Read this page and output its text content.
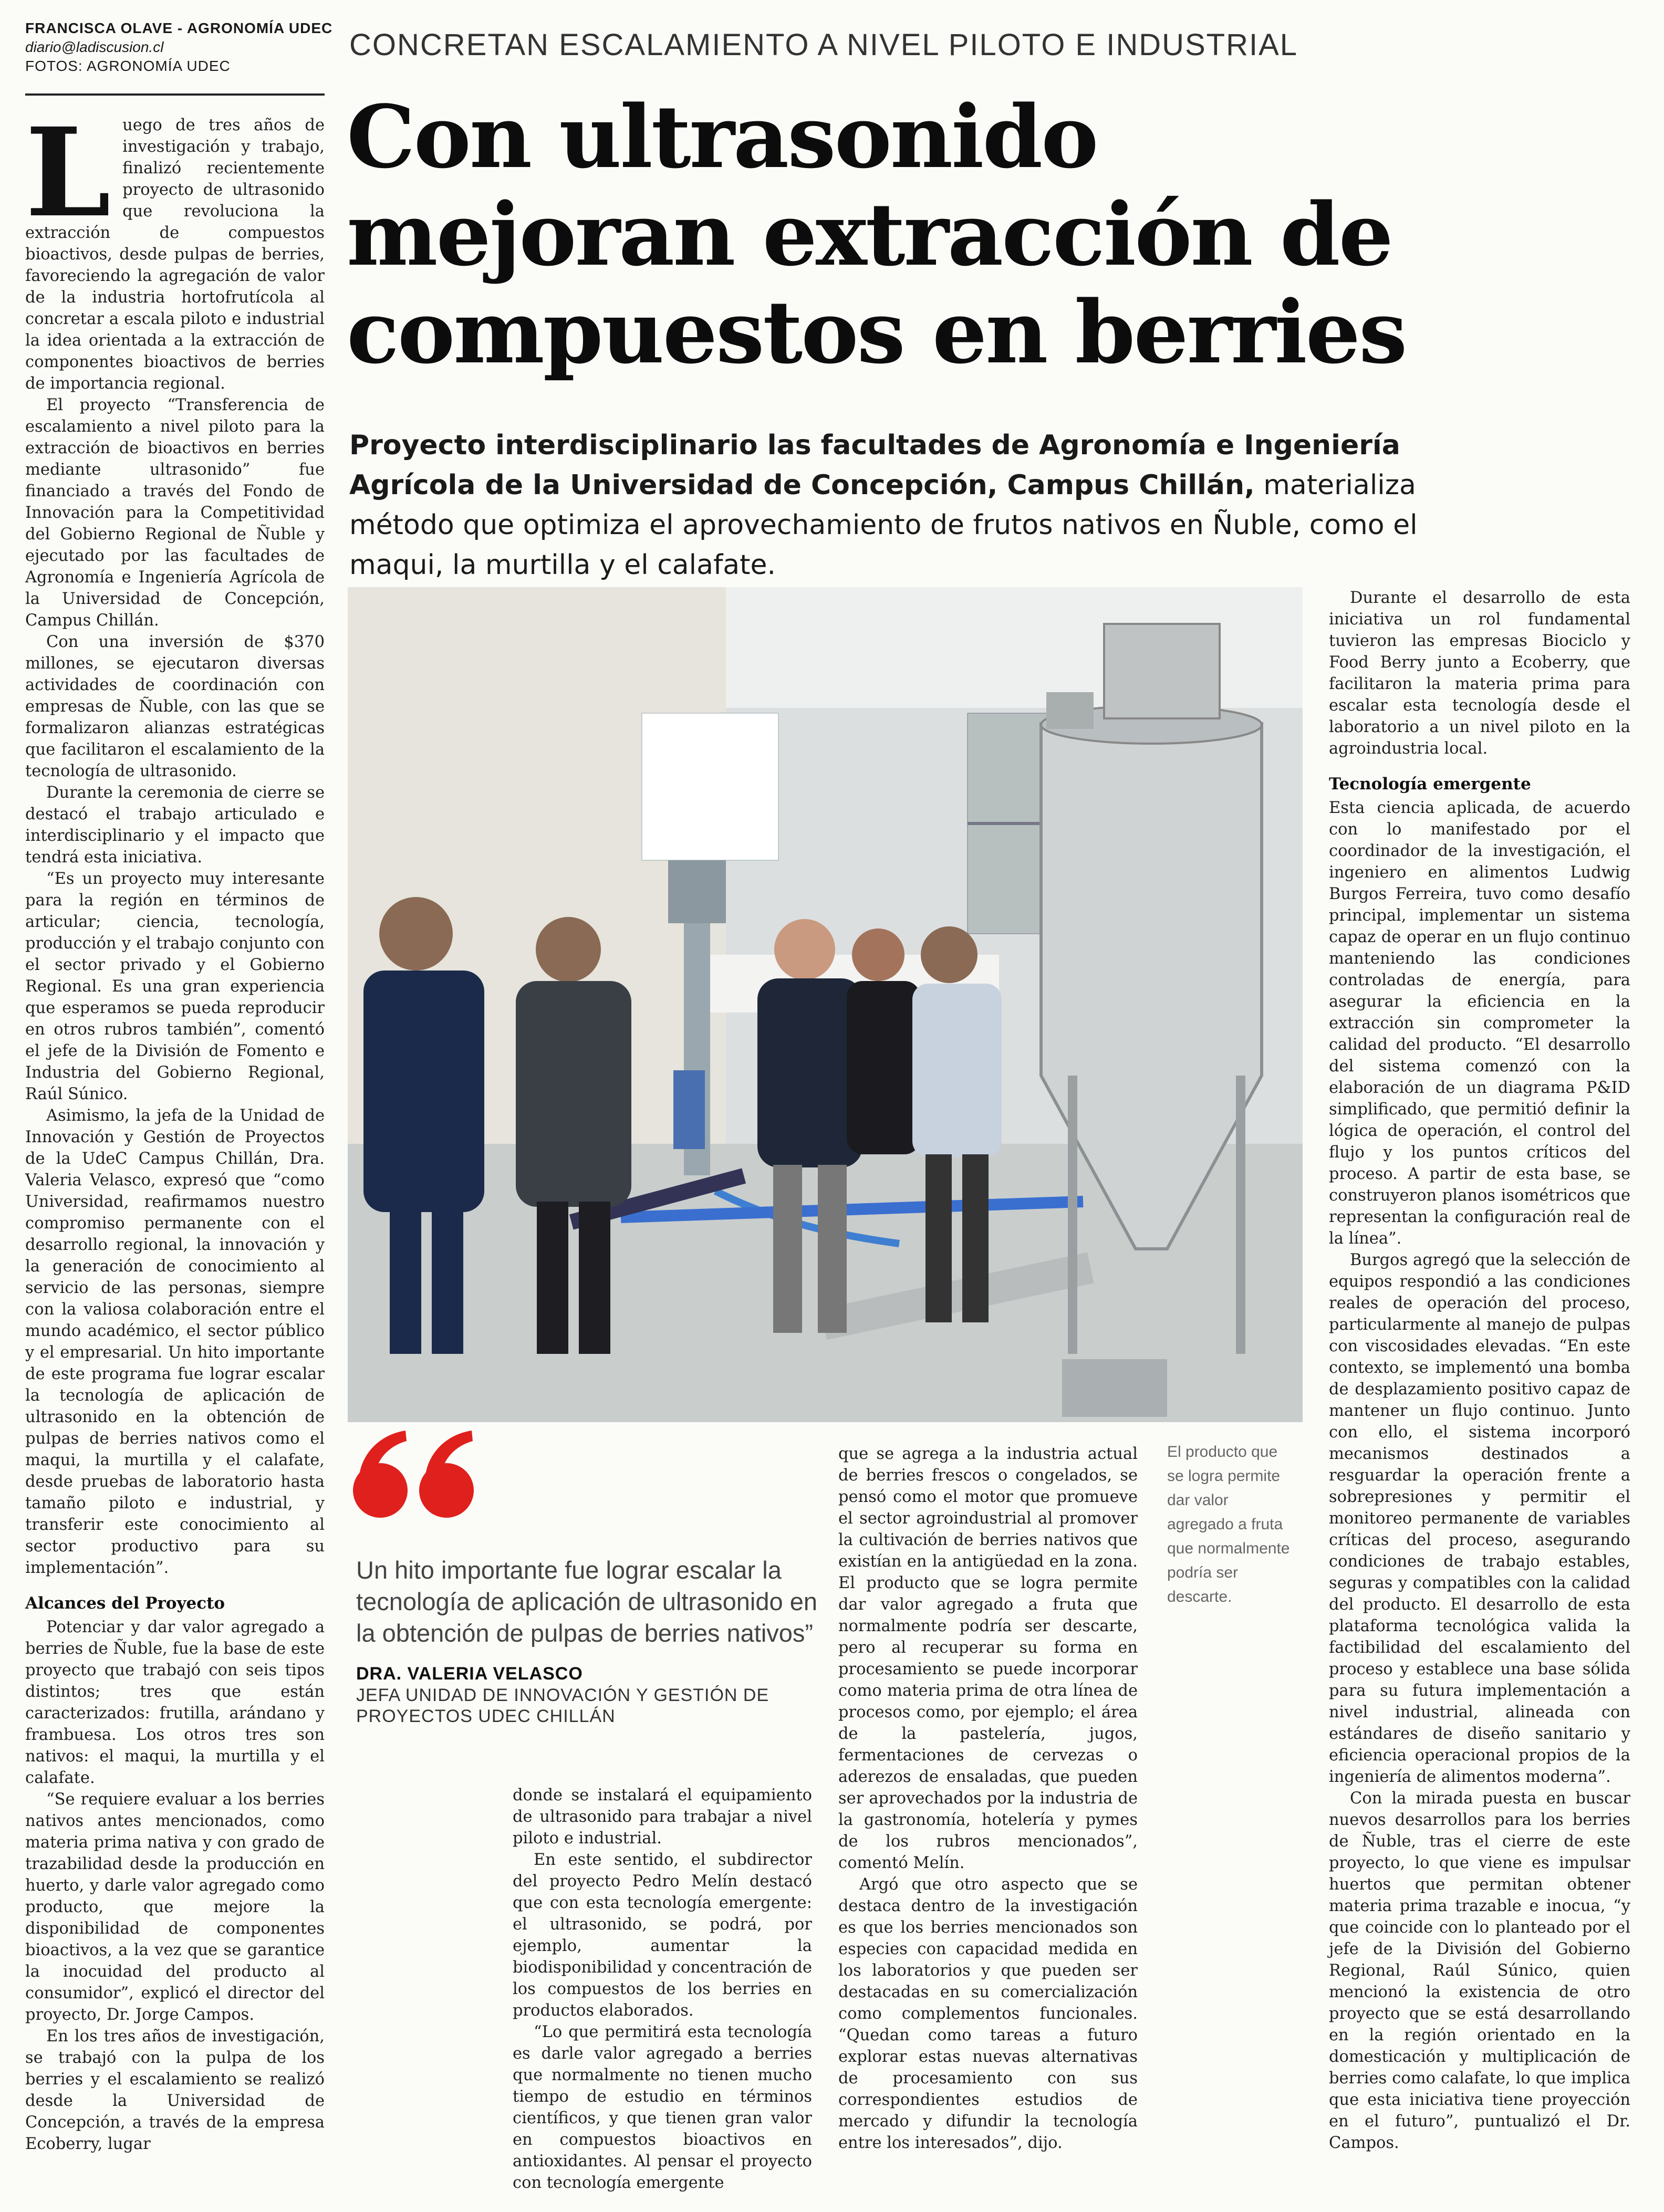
FRANCISCA OLAVE - AGRONOMÍA UDEC
diario@ladiscusion.cl
FOTOS: AGRONOMÍA UDEC
CONCRETAN ESCALAMIENTO A NIVEL PILOTO E INDUSTRIAL
Con ultrasonido
mejoran extracción de
compuestos en berries
Proyecto interdisciplinario las facultades de Agronomía e Ingeniería Agrícola de la Universidad de Concepción, Campus Chillán, materializa método que optimiza el aprovechamiento de frutos nativos en Ñuble, como el maqui, la murtilla y el calafate.
L uego de tres años de investigación y trabajo, finalizó recientemente proyecto de ultrasonido que revoluciona la extracción de compuestos bioactivos, desde pulpas de berries, favoreciendo la agregación de valor de la industria hortofrutícola al concretar a escala piloto e industrial la idea orientada a la extracción de componentes bioactivos de berries de importancia regional.

El proyecto “Transferencia de escalamiento a nivel piloto para la extracción de bioactivos en berries mediante ultrasonido” fue financiado a través del Fondo de Innovación para la Competitividad del Gobierno Regional de Ñuble y ejecutado por las facultades de Agronomía e Ingeniería Agrícola de la Universidad de Concepción, Campus Chillán.

Con una inversión de $370 millones, se ejecutaron diversas actividades de coordinación con empresas de Ñuble, con las que se formalizaron alianzas estratégicas que facilitaron el escalamiento de la tecnología de ultrasonido.

Durante la ceremonia de cierre se destacó el trabajo articulado e interdisciplinario y el impacto que tendrá esta iniciativa.

“Es un proyecto muy interesante para la región en términos de articular; ciencia, tecnología, producción y el trabajo conjunto con el sector privado y el Gobierno Regional. Es una gran experiencia que esperamos se pueda reproducir en otros rubros también”, comentó el jefe de la División de Fomento e Industria del Gobierno Regional, Raúl Súnico.

Asimismo, la jefa de la Unidad de Innovación y Gestión de Proyectos de la UdeC Campus Chillán, Dra. Valeria Velasco, expresó que “como Universidad, reafirmamos nuestro compromiso permanente con el desarrollo regional, la innovación y la generación de conocimiento al servicio de las personas, siempre con la valiosa colaboración entre el mundo académico, el sector público y el empresarial. Un hito importante de este programa fue lograr escalar la tecnología de aplicación de ultrasonido en la obtención de pulpas de berries nativos como el maqui, la murtilla y el calafate, desde pruebas de laboratorio hasta tamaño piloto e industrial, y transferir este conocimiento al sector productivo para su implementación”.

Alcances del Proyecto

Potenciar y dar valor agregado a berries de Ñuble, fue la base de este proyecto que trabajó con seis tipos distintos; tres que están caracterizados: frutilla, arándano y frambuesa. Los otros tres son nativos: el maqui, la murtilla y el calafate.

“Se requiere evaluar a los berries nativos antes mencionados, como materia prima nativa y con grado de trazabilidad desde la producción en huerto, y darle valor agregado como producto, que mejore la disponibilidad de componentes bioactivos, a la vez que se garantice la inocuidad del producto al consumidor”, explicó el director del proyecto, Dr. Jorge Campos.

En los tres años de investigación, se trabajó con la pulpa de los berries y el escalamiento se realizó desde la Universidad de Concepción, a través de la empresa Ecoberry, lugar

El producto que se logra permite dar valor agregado a fruta que normalmente podría ser descarte.
Un hito importante fue lograr escalar la tecnología de aplicación de ultrasonido en la obtención de pulpas de berries nativos”
DRA. VALERIA VELASCO
JEFA UNIDAD DE INNOVACIÓN Y GESTIÓN DE PROYECTOS UDEC CHILLÁN

donde se instalará el equipamiento de ultrasonido para trabajar a nivel piloto e industrial.

En este sentido, el subdirector del proyecto Pedro Melín destacó que con esta tecnología emergente: el ultrasonido, se podrá, por ejemplo, aumentar la biodisponibilidad y concentración de los compuestos de los berries en productos elaborados.

“Lo que permitirá esta tecnología es darle valor agregado a berries que normalmente no tienen mucho tiempo de estudio en términos científicos, y que tienen gran valor en compuestos bioactivos en antioxidantes. Al pensar el proyecto con tecnología emergente

que se agrega a la industria actual de berries frescos o congelados, se pensó como el motor que promueve el sector agroindustrial al promover la cultivación de berries nativos que existían en la antigüedad en la zona. El producto que se logra permite dar valor agregado a fruta que normalmente podría ser descarte, pero al recuperar su forma en procesamiento se puede incorporar como materia prima de otra línea de procesos como, por ejemplo; el área de la pastelería, jugos, fermentaciones de cervezas o aderezos de ensaladas, que pueden ser aprovechados por la industria de la gastronomía, hotelería y pymes de los rubros mencionados”, comentó Melín.

Argó que otro aspecto que se destaca dentro de la investigación es que los berries mencionados son especies con capacidad medida en los laboratorios y que pueden ser destacadas en su comercialización como complementos funcionales. “Quedan como tareas a futuro explorar estas nuevas alternativas de procesamiento con sus correspondientes estudios de mercado y difundir la tecnología entre los interesados”, dijo.

Durante el desarrollo de esta iniciativa un rol fundamental tuvieron las empresas Biociclo y Food Berry junto a Ecoberry, que facilitaron la materia prima para escalar esta tecnología desde el laboratorio a un nivel piloto en la agroindustria local.

Tecnología emergente

Esta ciencia aplicada, de acuerdo con lo manifestado por el coordinador de la investigación, el ingeniero en alimentos Ludwig Burgos Ferreira, tuvo como desafío principal, implementar un sistema capaz de operar en un flujo continuo manteniendo las condiciones controladas de energía, para asegurar la eficiencia en la extracción sin comprometer la calidad del producto. “El desarrollo del sistema comenzó con la elaboración de un diagrama P&ID simplificado, que permitió definir la lógica de operación, el control del flujo y los puntos críticos del proceso. A partir de esta base, se construyeron planos isométricos que representan la configuración real de la línea”.

Burgos agregó que la selección de equipos respondió a las condiciones reales de operación del proceso, particularmente al manejo de pulpas con viscosidades elevadas. “En este contexto, se implementó una bomba de desplazamiento positivo capaz de mantener un flujo continuo. Junto con ello, el sistema incorporó mecanismos destinados a resguardar la operación frente a sobrepresiones y permitir el monitoreo permanente de variables críticas del proceso, asegurando condiciones de trabajo estables, seguras y compatibles con la calidad del producto. El desarrollo de esta plataforma tecnológica valida la factibilidad del escalamiento del proceso y establece una base sólida para su futura implementación a nivel industrial, alineada con estándares de diseño sanitario y eficiencia operacional propios de la ingeniería de alimentos moderna”.

Con la mirada puesta en buscar nuevos desarrollos para los berries de Ñuble, tras el cierre de este proyecto, lo que viene es impulsar huertos que permitan obtener materia prima trazable e inocua, “y que coincide con lo planteado por el jefe de la División del Gobierno Regional, Raúl Súnico, quien mencionó la existencia de otro proyecto que se está desarrollando en la región orientado en la domesticación y multiplicación de berries como calafate, lo que implica que esta iniciativa tiene proyección en el futuro”, puntualizó el Dr. Campos.
